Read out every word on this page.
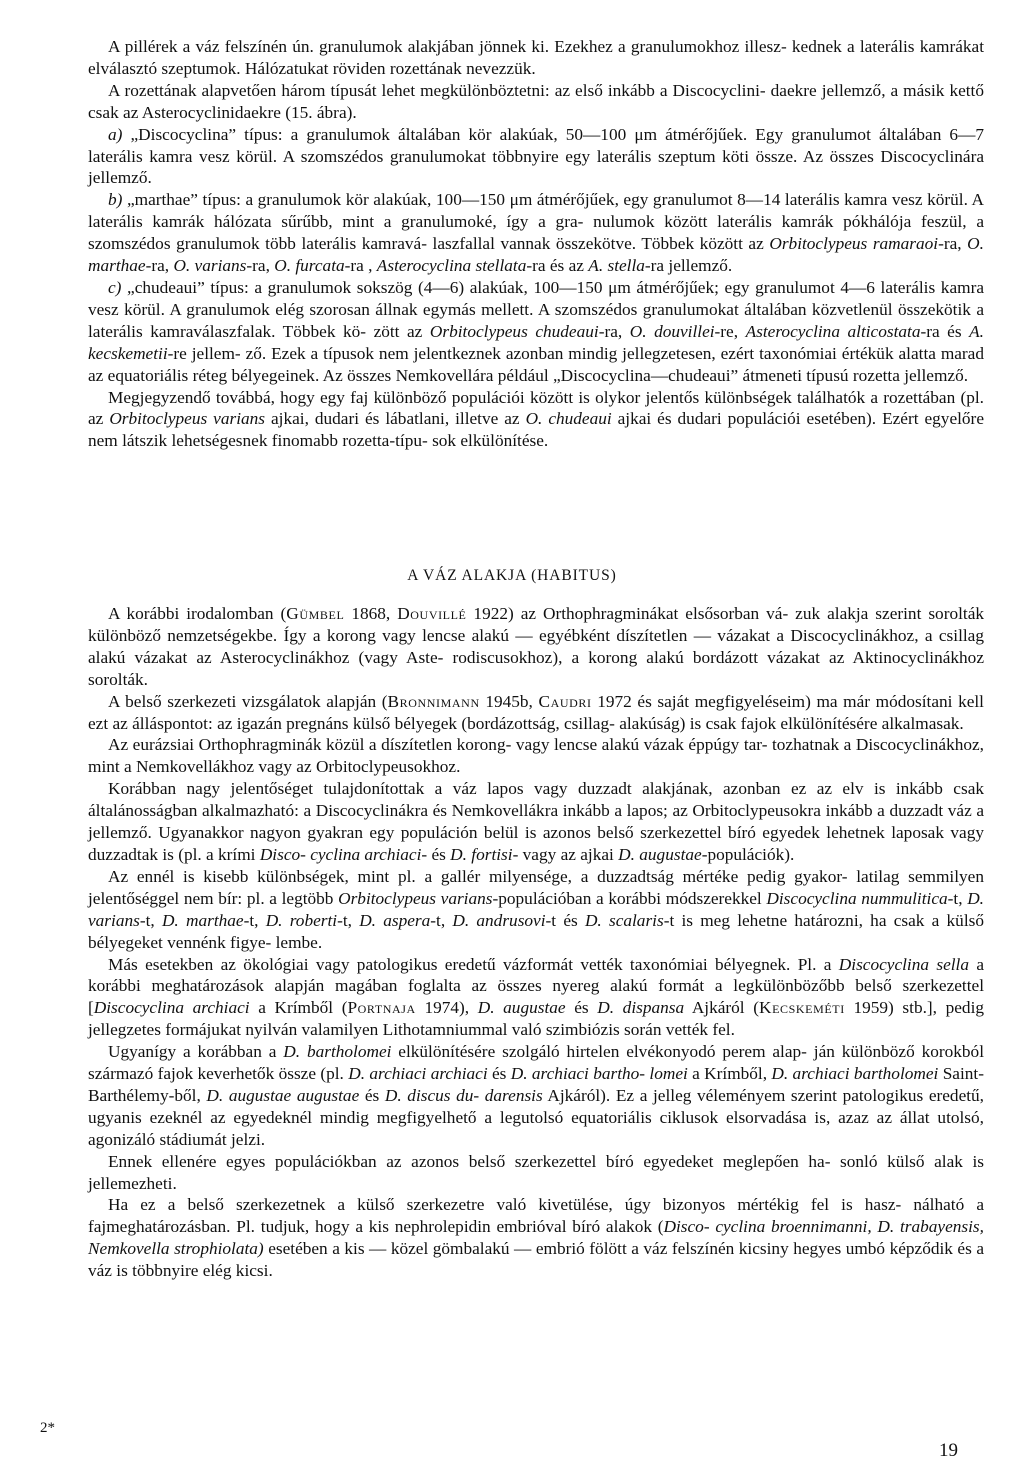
A pillérek a váz felszínén ún. granulumok alakjában jönnek ki. Ezekhez a granulumokhoz illesz- kednek a laterális kamrákat elválasztó szeptumok. Hálózatukat röviden rozettának nevezzük.

A rozettának alapvetően három típusát lehet megkülönböztetni: az első inkább a Discocyclini- daekre jellemző, a másik kettő csak az Asterocyclinidaekre (15. ábra).

a) „Discocyclina” típus: a granulumok általában kör alakúak, 50—100 μm átmérőjűek. Egy granulumot általában 6—7 laterális kamra vesz körül. A szomszédos granulumokat többnyire egy laterális szeptum köti össze. Az összes Discocyclinára jellemző.

b) „marthae” típus: a granulumok kör alakúak, 100—150 μm átmérőjűek, egy granulumot 8—14 laterális kamra vesz körül. A laterális kamrák hálózata sűrűbb, mint a granulumoké, így a gra- nulumok között laterális kamrák pókhálója feszül, a szomszédos granulumok több laterális kamravá- laszfallal vannak összekötve. Többek között az Orbitoclypeus ramaraoi-ra, O. marthae-ra, O. varians-ra, O. furcata-ra , Asterocyclina stellata-ra és az A. stella-ra jellemző.

c) „chudeaui” típus: a granulumok sokszög (4—6) alakúak, 100—150 μm átmérőjűek; egy granulumot 4—6 laterális kamra vesz körül. A granulumok elég szorosan állnak egymás mellett. A szomszédos granulumokat általában közvetlenül összekötik a laterális kamraválaszfalak. Többek kö- zött az Orbitoclypeus chudeaui-ra, O. douvillei-re, Asterocyclina alticostata-ra és A. kecskemetii-re jellem- ző. Ezek a típusok nem jelentkeznek azonban mindig jellegzetesen, ezért taxonómiai értékük alatta marad az equatoriális réteg bélyegeinek. Az összes Nemkovellára például „Discocyclina—chudeaui” átmeneti típusú rozetta jellemző.

Megjegyzendő továbbá, hogy egy faj különböző populációi között is olykor jelentős különbségek találhatók a rozettában (pl. az Orbitoclypeus varians ajkai, dudari és lábatlani, illetve az O. chudeaui ajkai és dudari populációi esetében). Ezért egyelőre nem látszik lehetségesnek finomabb rozetta-típu- sok elkülönítése.

A VÁZ ALAKJA (HABITUS)

A korábbi irodalomban (Gümbel 1868, Douvillé 1922) az Orthophragminákat elsősorban vá- zuk alakja szerint sorolták különböző nemzetségekbe. Így a korong vagy lencse alakú — egyébként díszítetlen — vázakat a Discocyclinákhoz, a csillag alakú vázakat az Asterocyclinákhoz (vagy Aste- rodiscusokhoz), a korong alakú bordázott vázakat az Aktinocyclinákhoz sorolták.

A belső szerkezeti vizsgálatok alapján (Bronnimann 1945b, Caudri 1972 és saját megfigyeléseim) ma már módosítani kell ezt az álláspontot: az igazán pregnáns külső bélyegek (bordázottság, csillag- alakúság) is csak fajok elkülönítésére alkalmasak.

Az eurázsiai Orthophragminák közül a díszítetlen korong- vagy lencse alakú vázak éppúgy tar- tozhatnak a Discocyclinákhoz, mint a Nemkovellákhoz vagy az Orbitoclypeusokhoz.

Korábban nagy jelentőséget tulajdonítottak a váz lapos vagy duzzadt alakjának, azonban ez az elv is inkább csak általánosságban alkalmazható: a Discocyclinákra és Nemkovellákra inkább a lapos; az Orbitoclypeusokra inkább a duzzadt váz a jellemző. Ugyanakkor nagyon gyakran egy populáción belül is azonos belső szerkezettel bíró egyedek lehetnek laposak vagy duzzadtak is (pl. a krími Disco- cyclina archiaci- és D. fortisi- vagy az ajkai D. augustae-populációk).

Az ennél is kisebb különbségek, mint pl. a gallér milyensége, a duzzadtság mértéke pedig gyakor- latilag semmilyen jelentőséggel nem bír: pl. a legtöbb Orbitoclypeus varians-populációban a korábbi módszerekkel Discocyclina nummulitica-t, D. varians-t, D. marthae-t, D. roberti-t, D. aspera-t, D. andrusovi-t és D. scalaris-t is meg lehetne határozni, ha csak a külső bélyegeket vennénk figye- lembe.

Más esetekben az ökológiai vagy patologikus eredetű vázformát vették taxonómiai bélyegnek. Pl. a Discocyclina sella a korábbi meghatározások alapján magában foglalta az összes nyereg alakú formát a legkülönbözőbb belső szerkezettel [Discocyclina archiaci a Krímből (Portnaja 1974), D. augustae és D. dispansa Ajkáról (Kecskeméti 1959) stb.], pedig jellegzetes formájukat nyilván valamilyen Lithotamniummal való szimbiózis során vették fel.

Ugyanígy a korábban a D. bartholomei elkülönítésére szolgáló hirtelen elvékonyodó perem alap- ján különböző korokból származó fajok keverhetők össze (pl. D. archiaci archiaci és D. archiaci bartho- lomei a Krímből, D. archiaci bartholomei Saint-Barthélemy-ből, D. augustae augustae és D. discus du- darensis Ajkáról). Ez a jelleg véleményem szerint patologikus eredetű, ugyanis ezeknél az egyedeknél mindig megfigyelhető a legutolsó equatoriális ciklusok elsorvadása is, azaz az állat utolsó, agonizáló stádiumát jelzi.

Ennek ellenére egyes populációkban az azonos belső szerkezettel bíró egyedeket meglepően ha- sonló külső alak is jellemezheti.

Ha ez a belső szerkezetnek a külső szerkezetre való kivetülése, úgy bizonyos mértékig fel is hasz- nálható a fajmeghatározásban. Pl. tudjuk, hogy a kis nephrolepidin embrióval bíró alakok (Disco- cyclina broennimanni, D. trabayensis, Nemkovella strophiolata) esetében a kis — közel gömbalakú — embrió fölött a váz felszínén kicsiny hegyes umbó képződik és a váz is többnyire elég kicsi.

2*
19
